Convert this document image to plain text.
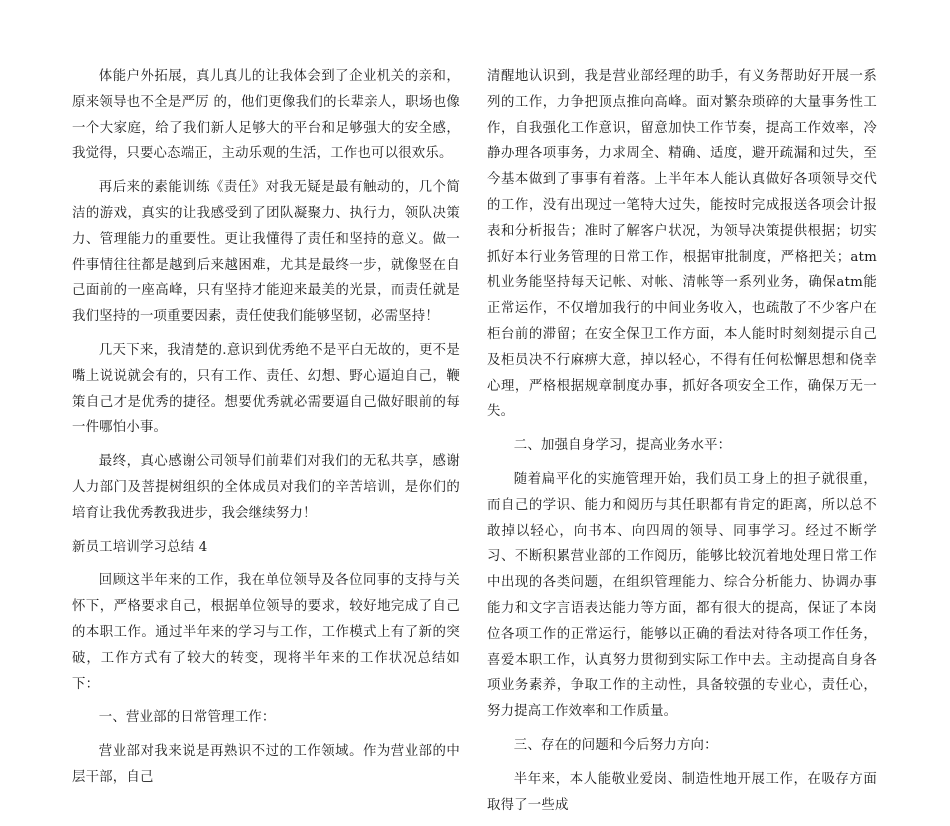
体能户外拓展，真儿真儿的让我体会到了企业机关的亲和，原来领导也不全是严厉 的，他们更像我们的长辈亲人，职场也像一个大家庭，给了我们新人足够大的平台和足够强大的安全感，我觉得，只要心态端正，主动乐观的生活，工作也可以很欢乐。

再后来的素能训练《责任》对我无疑是最有触动的，几个简洁的游戏，真实的让我感受到了团队凝聚力、执行力，领队决策力、管理能力的重要性。更让我懂得了责任和坚持的意义。做一件事情往往都是越到后来越困难，尤其是最终一步，就像竖在自己面前的一座高峰，只有坚持才能迎来最美的光景，而责任就是我们坚持的一项重要因素，责任使我们能够坚韧，必需坚持！

几天下来，我清楚的.意识到优秀绝不是平白无故的，更不是嘴上说说就会有的，只有工作、责任、幻想、野心逼迫自己，鞭策自己才是优秀的捷径。想要优秀就必需要逼自己做好眼前的每一件哪怕小事。

最终，真心感谢公司领导们前辈们对我们的无私共享，感谢人力部门及菩提树组织的全体成员对我们的辛苦培训，是你们的培育让我优秀教我进步，我会继续努力！

新员工培训学习总结 4

回顾这半年来的工作，我在单位领导及各位同事的支持与关怀下，严格要求自己，根据单位领导的要求，较好地完成了自己的本职工作。通过半年来的学习与工作，工作模式上有了新的突破，工作方式有了较大的转变，现将半年来的工作状况总结如下：

一、营业部的日常管理工作：

营业部对我来说是再熟识不过的工作领域。作为营业部的中层干部，自己

清醒地认识到，我是营业部经理的助手，有义务帮助好开展一系列的工作，力争把顶点推向高峰。面对繁杂琐碎的大量事务性工作，自我强化工作意识，留意加快工作节奏，提高工作效率，冷静办理各项事务，力求周全、精确、适度，避开疏漏和过失，至今基本做到了事事有着落。上半年本人能认真做好各项领导交代的工作，没有出现过一笔特大过失，能按时完成报送各项会计报表和分析报告；准时了解客户状况，为领导决策提供根据；切实抓好本行业务管理的日常工作，根据审批制度，严格把关；atm机业务能坚持每天记帐、对帐、清帐等一系列业务，确保atm能正常运作，不仅增加我行的中间业务收入，也疏散了不少客户在柜台前的滞留；在安全保卫工作方面，本人能时时刻刻提示自己及柜员决不行麻痹大意，掉以轻心，不得有任何松懈思想和侥幸心理，严格根据规章制度办事，抓好各项安全工作，确保万无一失。

二、加强自身学习，提高业务水平：

随着扁平化的实施管理开始，我们员工身上的担子就很重，而自己的学识、能力和阅历与其任职都有肯定的距离，所以总不敢掉以轻心，向书本、向四周的领导、同事学习。经过不断学习、不断积累营业部的工作阅历，能够比较沉着地处理日常工作中出现的各类问题，在组织管理能力、综合分析能力、协调办事能力和文字言语表达能力等方面，都有很大的提高，保证了本岗位各项工作的正常运行，能够以正确的看法对待各项工作任务，喜爱本职工作，认真努力贯彻到实际工作中去。主动提高自身各项业务素养，争取工作的主动性，具备较强的专业心，责任心，努力提高工作效率和工作质量。

三、存在的问题和今后努力方向：

半年来，本人能敬业爱岗、制造性地开展工作，在吸存方面取得了一些成
